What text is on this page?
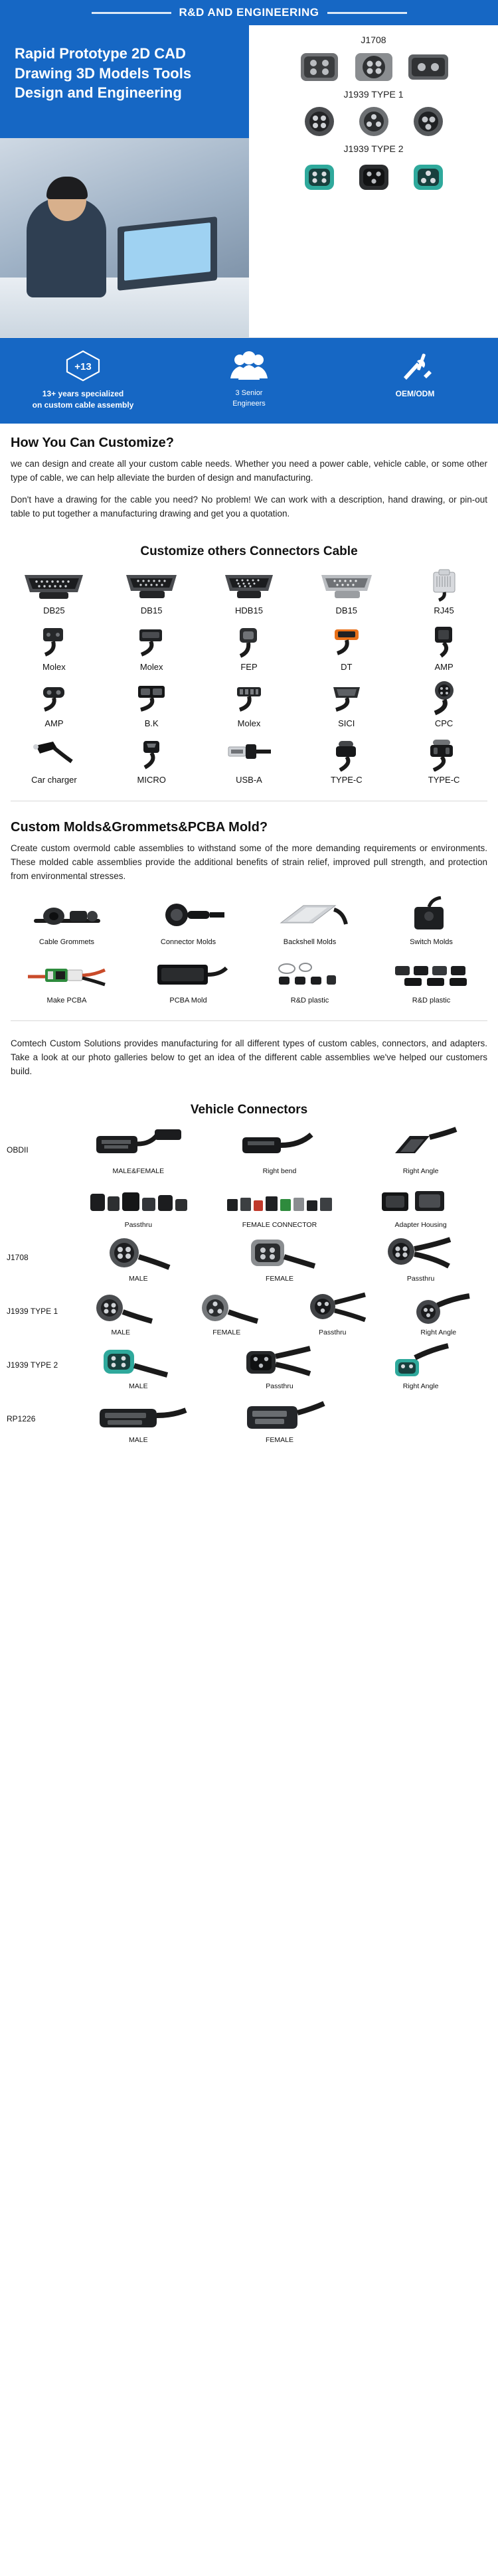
R&D AND ENGINEERING
Rapid Prototype 2D CAD Drawing 3D Models Tools Design and Engineering
J1708
J1939 TYPE 1
J1939 TYPE 2
+13
13+ years specialized
on custom cable assembly
3 Senior
Engineers
OEM/ODM
How You Can Customize?

we can design and create all your custom cable needs. Whether you need a power cable, vehicle cable, or some other type of cable, we can help alleviate the burden of design and manufacturing.

Don't have a drawing for the cable you need? No problem! We can work with a description, hand drawing, or pin-out table to put together a manufacturing drawing and get you a quotation.

Customize others Connectors Cable
DB25	DB15	HDB15	DB15	RJ45
Molex	Molex	FEP	DT	AMP
AMP	B.K	Molex	SICI	CPC
Car charger	MICRO	USB-A	TYPE-C	TYPE-C
Custom Molds&Grommets&PCBA Mold?

Create custom overmold cable assemblies to withstand some of the more demanding requirements or environments. These molded cable assemblies provide the additional benefits of strain relief, improved pull strength, and protection from environmental stresses.

Cable Grommets	Connector Molds	Backshell Molds	Switch Molds
Make PCBA	PCBA Mold	R&D plastic	R&D plastic

Comtech Custom Solutions provides manufacturing for all different types of custom cables, connectors, and adapters. Take a look at our photo galleries below to get an idea of the different cable assemblies we've helped our customers build.

Vehicle Connectors
OBDII
MALE&FEMALE	Right bend	Right Angle
Passthru	FEMALE CONNECTOR	Adapter Housing
J1708
MALE	FEMALE	Passthru
J1939 TYPE 1
MALE	FEMALE	Passthru	Right Angle
J1939 TYPE 2
MALE	Passthru	Right Angle
RP1226
MALE	FEMALE
